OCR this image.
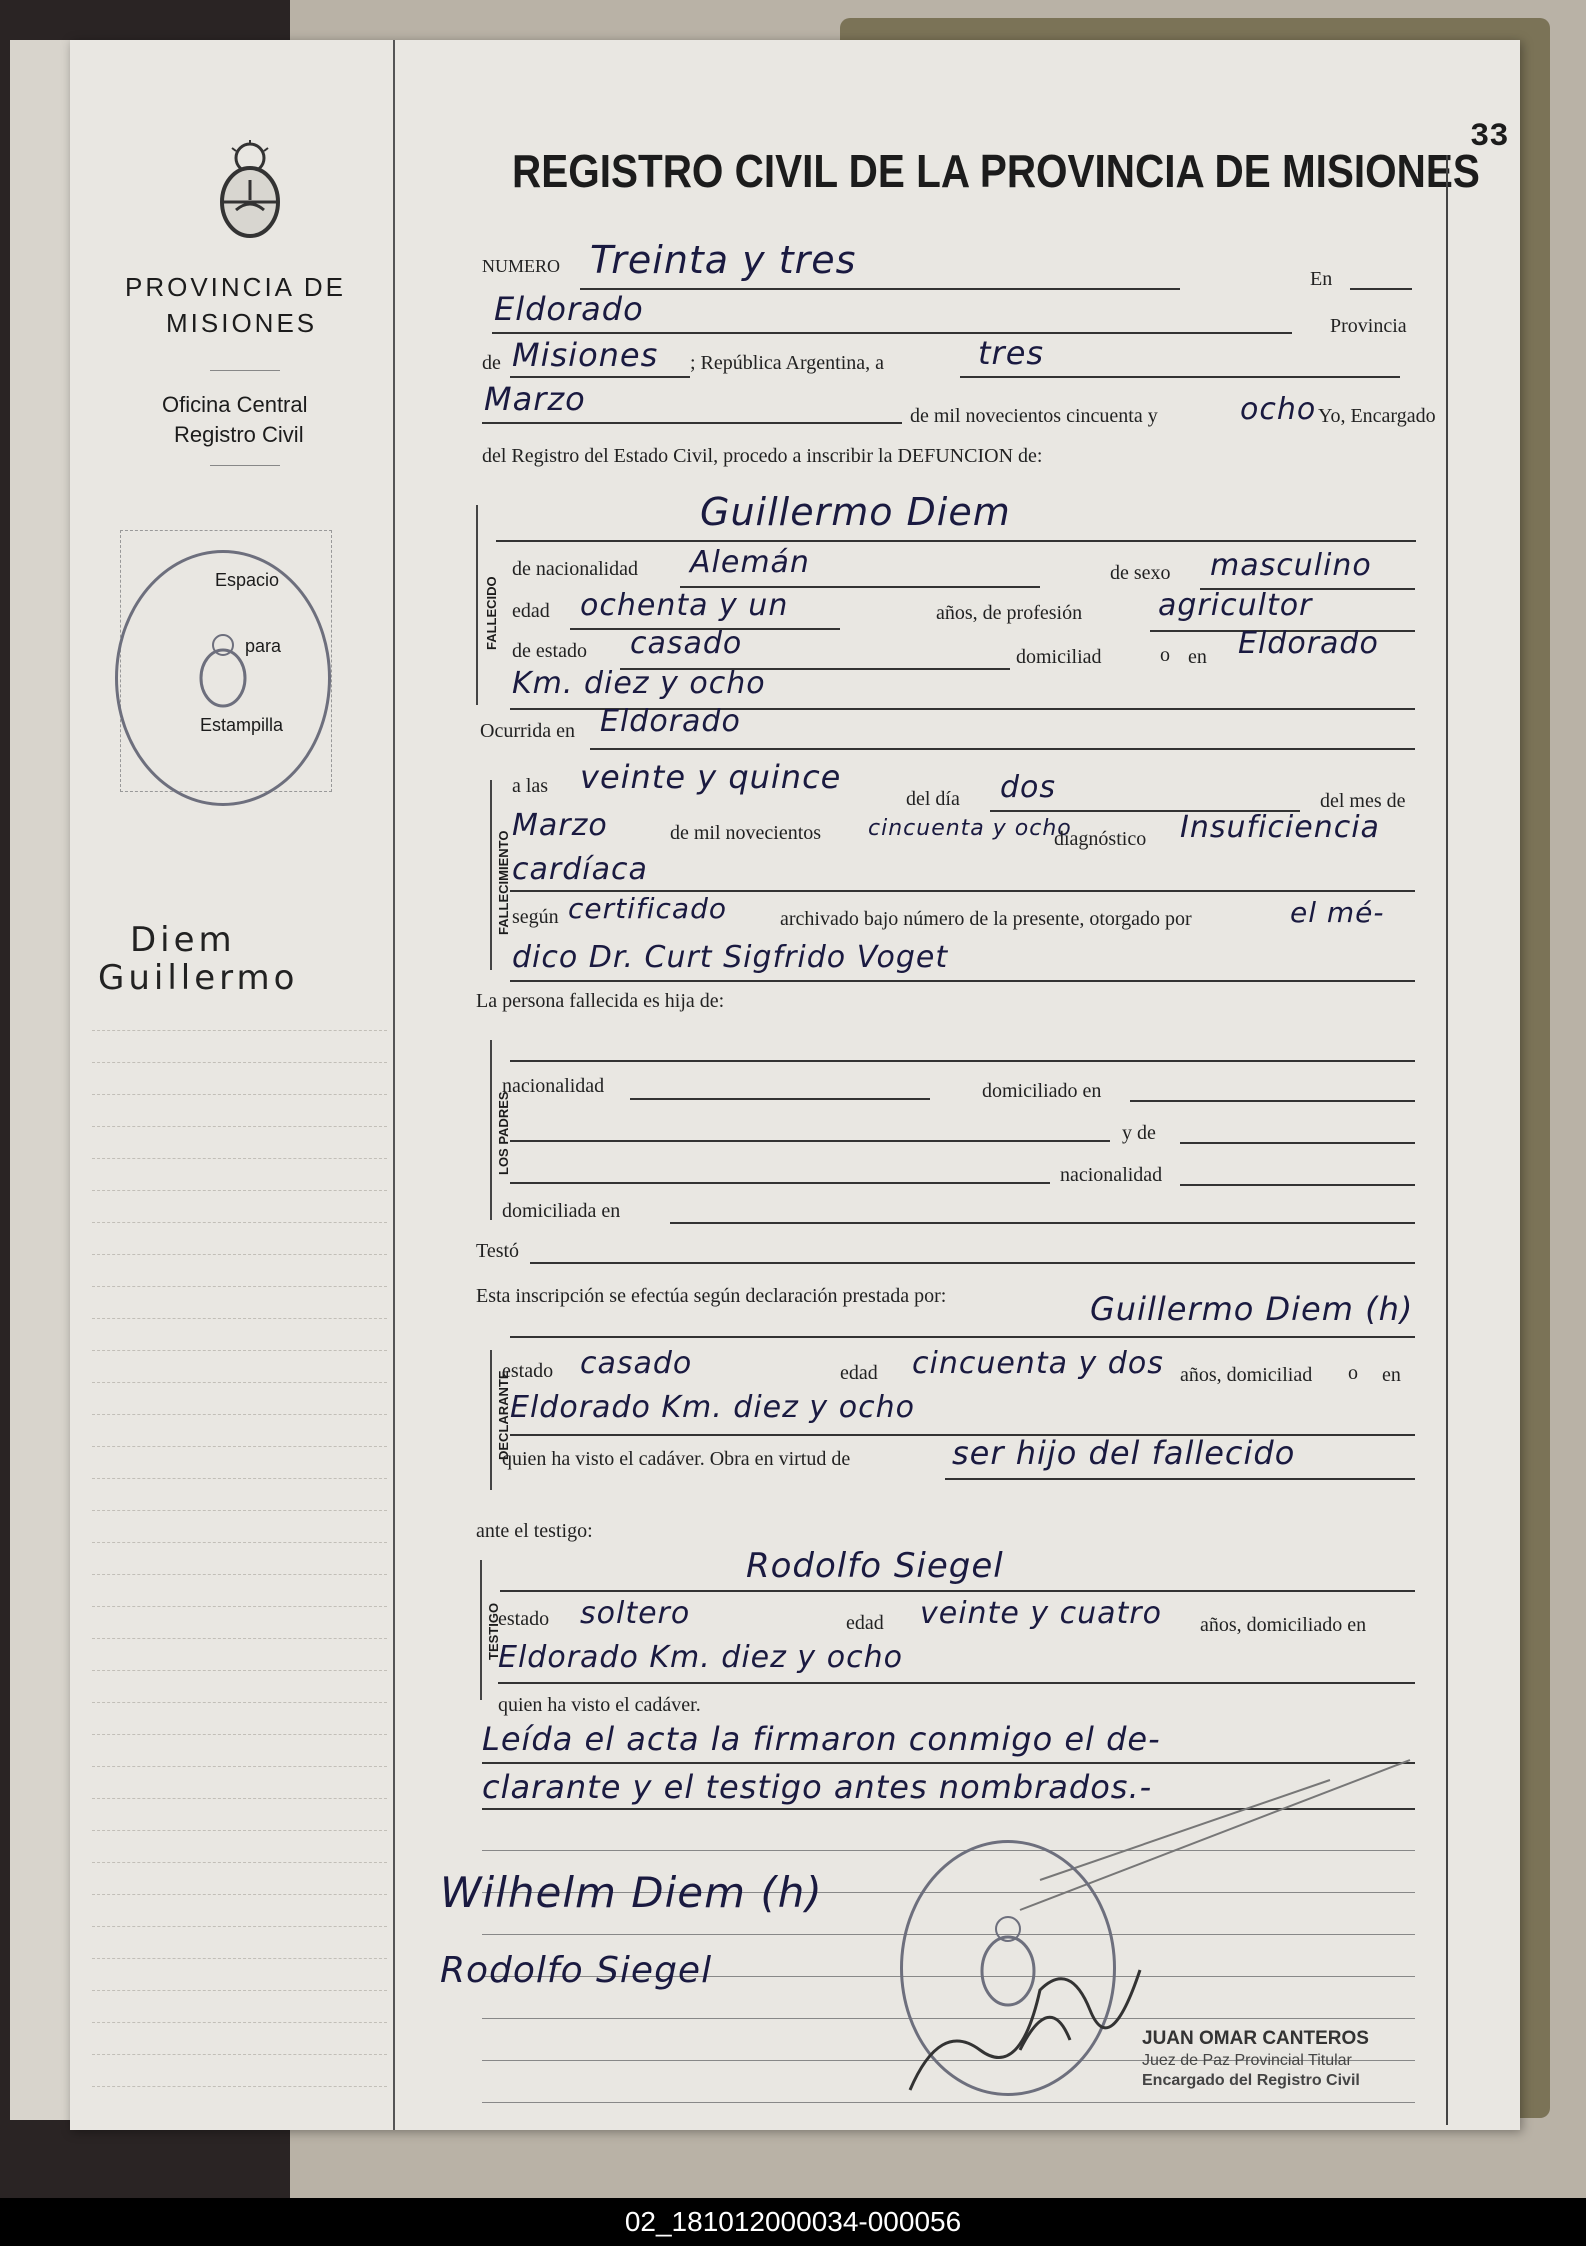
PROVINCIA DE
MISIONES
Oficina Central
Registro Civil
Espacio
para
Estampilla
Diem
Guillermo
33
REGISTRO CIVIL DE LA PROVINCIA DE MISIONES
NUMERO Treinta y tres	En
Eldorado	Provincia
de Misiones ; República Argentina, a	tres
Marzo	de mil novecientos cincuenta y	ocho Yo, Encargado
del Registro del Estado Civil, procedo a inscribir la DEFUNCION de:
FALLECIDO
Guillermo Diem
de nacionalidad Alemán	de sexo masculino
edad ochenta y un	años, de profesión	agricultor
de estado casado	domiciliad	o en Eldorado
Km. diez y ocho
Ocurrida en Eldorado
FALLECIMIENTO
a las veinte y quince
del día dos	del mes de
Marzo	de mil novecientos cincuenta y ocho
diagnóstico Insuficiencia
cardíaca
según certificado	archivado bajo número de la presente, otorgado por	el mé-
dico Dr. Curt Sigfrido Voget
La persona fallecida es hija de:
LOS PADRES
nacionalidad	domiciliado en
y de
nacionalidad
domiciliada en
Testó
Esta inscripción se efectúa según declaración prestada por:	Guillermo Diem (h)
DECLARANTE
estado casado	edad cincuenta y dos años, domiciliad o en
Eldorado Km. diez y ocho
quien ha visto el cadáver. Obra en virtud de	ser hijo del fallecido
ante el testigo:
Rodolfo Siegel
TESTIGO
estado soltero	edad veinte y cuatro años, domiciliado en
Eldorado Km. diez y ocho
quien ha visto el cadáver.
Leída el acta la firmaron conmigo el de-
clarante y el testigo antes nombrados.-
Wilhelm Diem (h)
Rodolfo Siegel
JUAN OMAR CANTEROS
Juez de Paz Provincial Titular
Encargado del Registro Civil
02_181012000034-000056
